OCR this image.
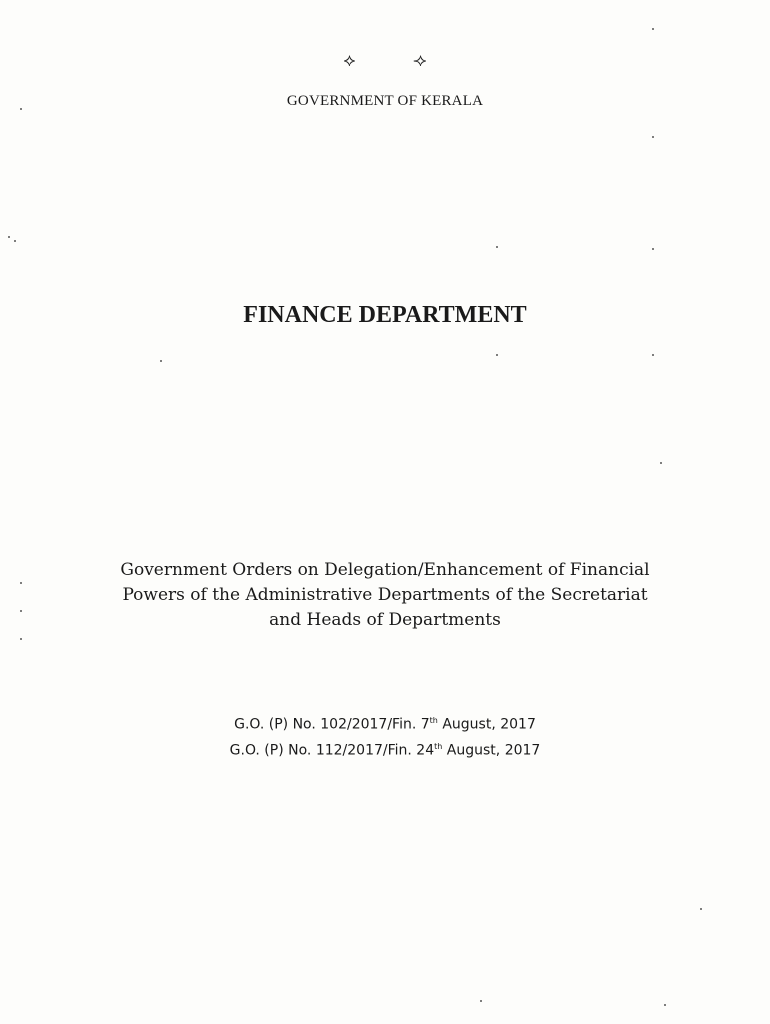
⟡	⟢
GOVERNMENT OF KERALA
FINANCE DEPARTMENT
Government Orders on Delegation/Enhancement of Financial
Powers of the Administrative Departments of the Secretariat
and Heads of Departments
G.O. (P) No. 102/2017/Fin. 7th August, 2017
G.O. (P) No. 112/2017/Fin. 24th August, 2017
